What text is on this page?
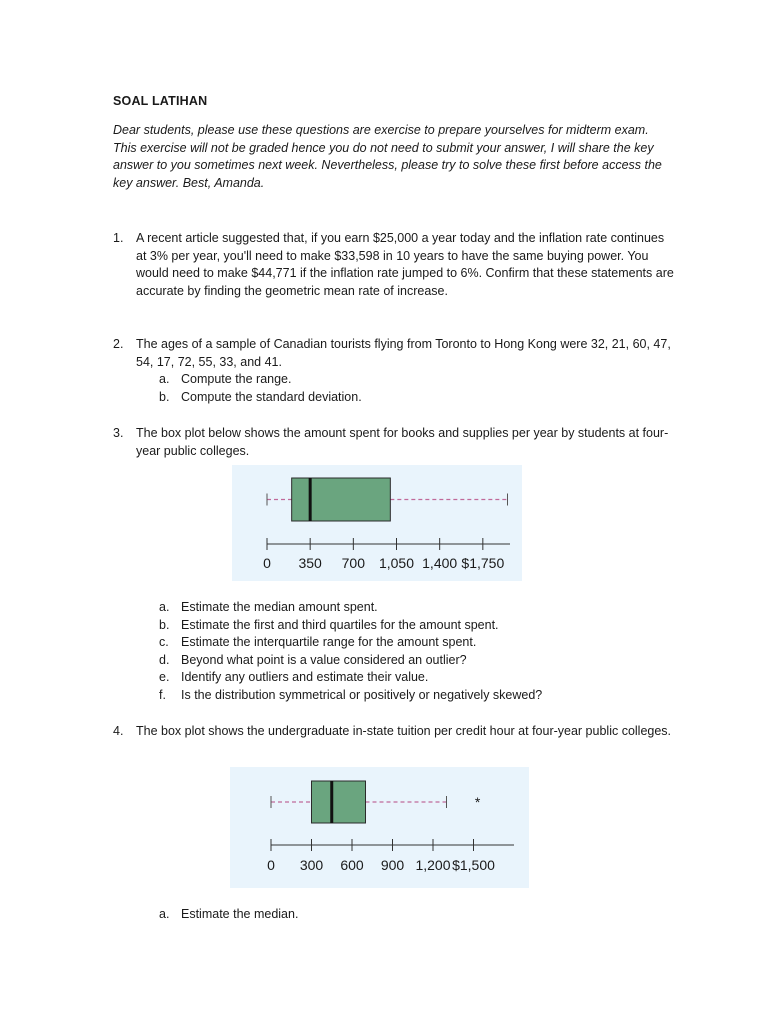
SOAL LATIHAN

Dear students, please use these questions are exercise to prepare yourselves for midterm exam. This exercise will not be graded hence you do not need to submit your answer, I will share the key answer to you sometimes next week. Nevertheless, please try to solve these first before access the key answer. Best, Amanda.

1. A recent article suggested that, if you earn $25,000 a year today and the inflation rate continues at 3% per year, you'll need to make $33,598 in 10 years to have the same buying power. You would need to make $44,771 if the inflation rate jumped to 6%. Confirm that these statements are accurate by finding the geometric mean rate of increase.
2. The ages of a sample of Canadian tourists flying from Toronto to Hong Kong were 32, 21, 60, 47, 54, 17, 72, 55, 33, and 41.
a. Compute the range.
b. Compute the standard deviation.
3. The box plot below shows the amount spent for books and supplies per year by students at four-year public colleges.
0 350 700 1,050 1,400 $1,750
a. Estimate the median amount spent.
b. Estimate the first and third quartiles for the amount spent.
c. Estimate the interquartile range for the amount spent.
d. Beyond what point is a value considered an outlier?
e. Identify any outliers and estimate their value.
f. Is the distribution symmetrical or positively or negatively skewed?
4. The box plot shows the undergraduate in-state tuition per credit hour at four-year public colleges.
*
0 300 600 900 1,200 $1,500
a. Estimate the median.
